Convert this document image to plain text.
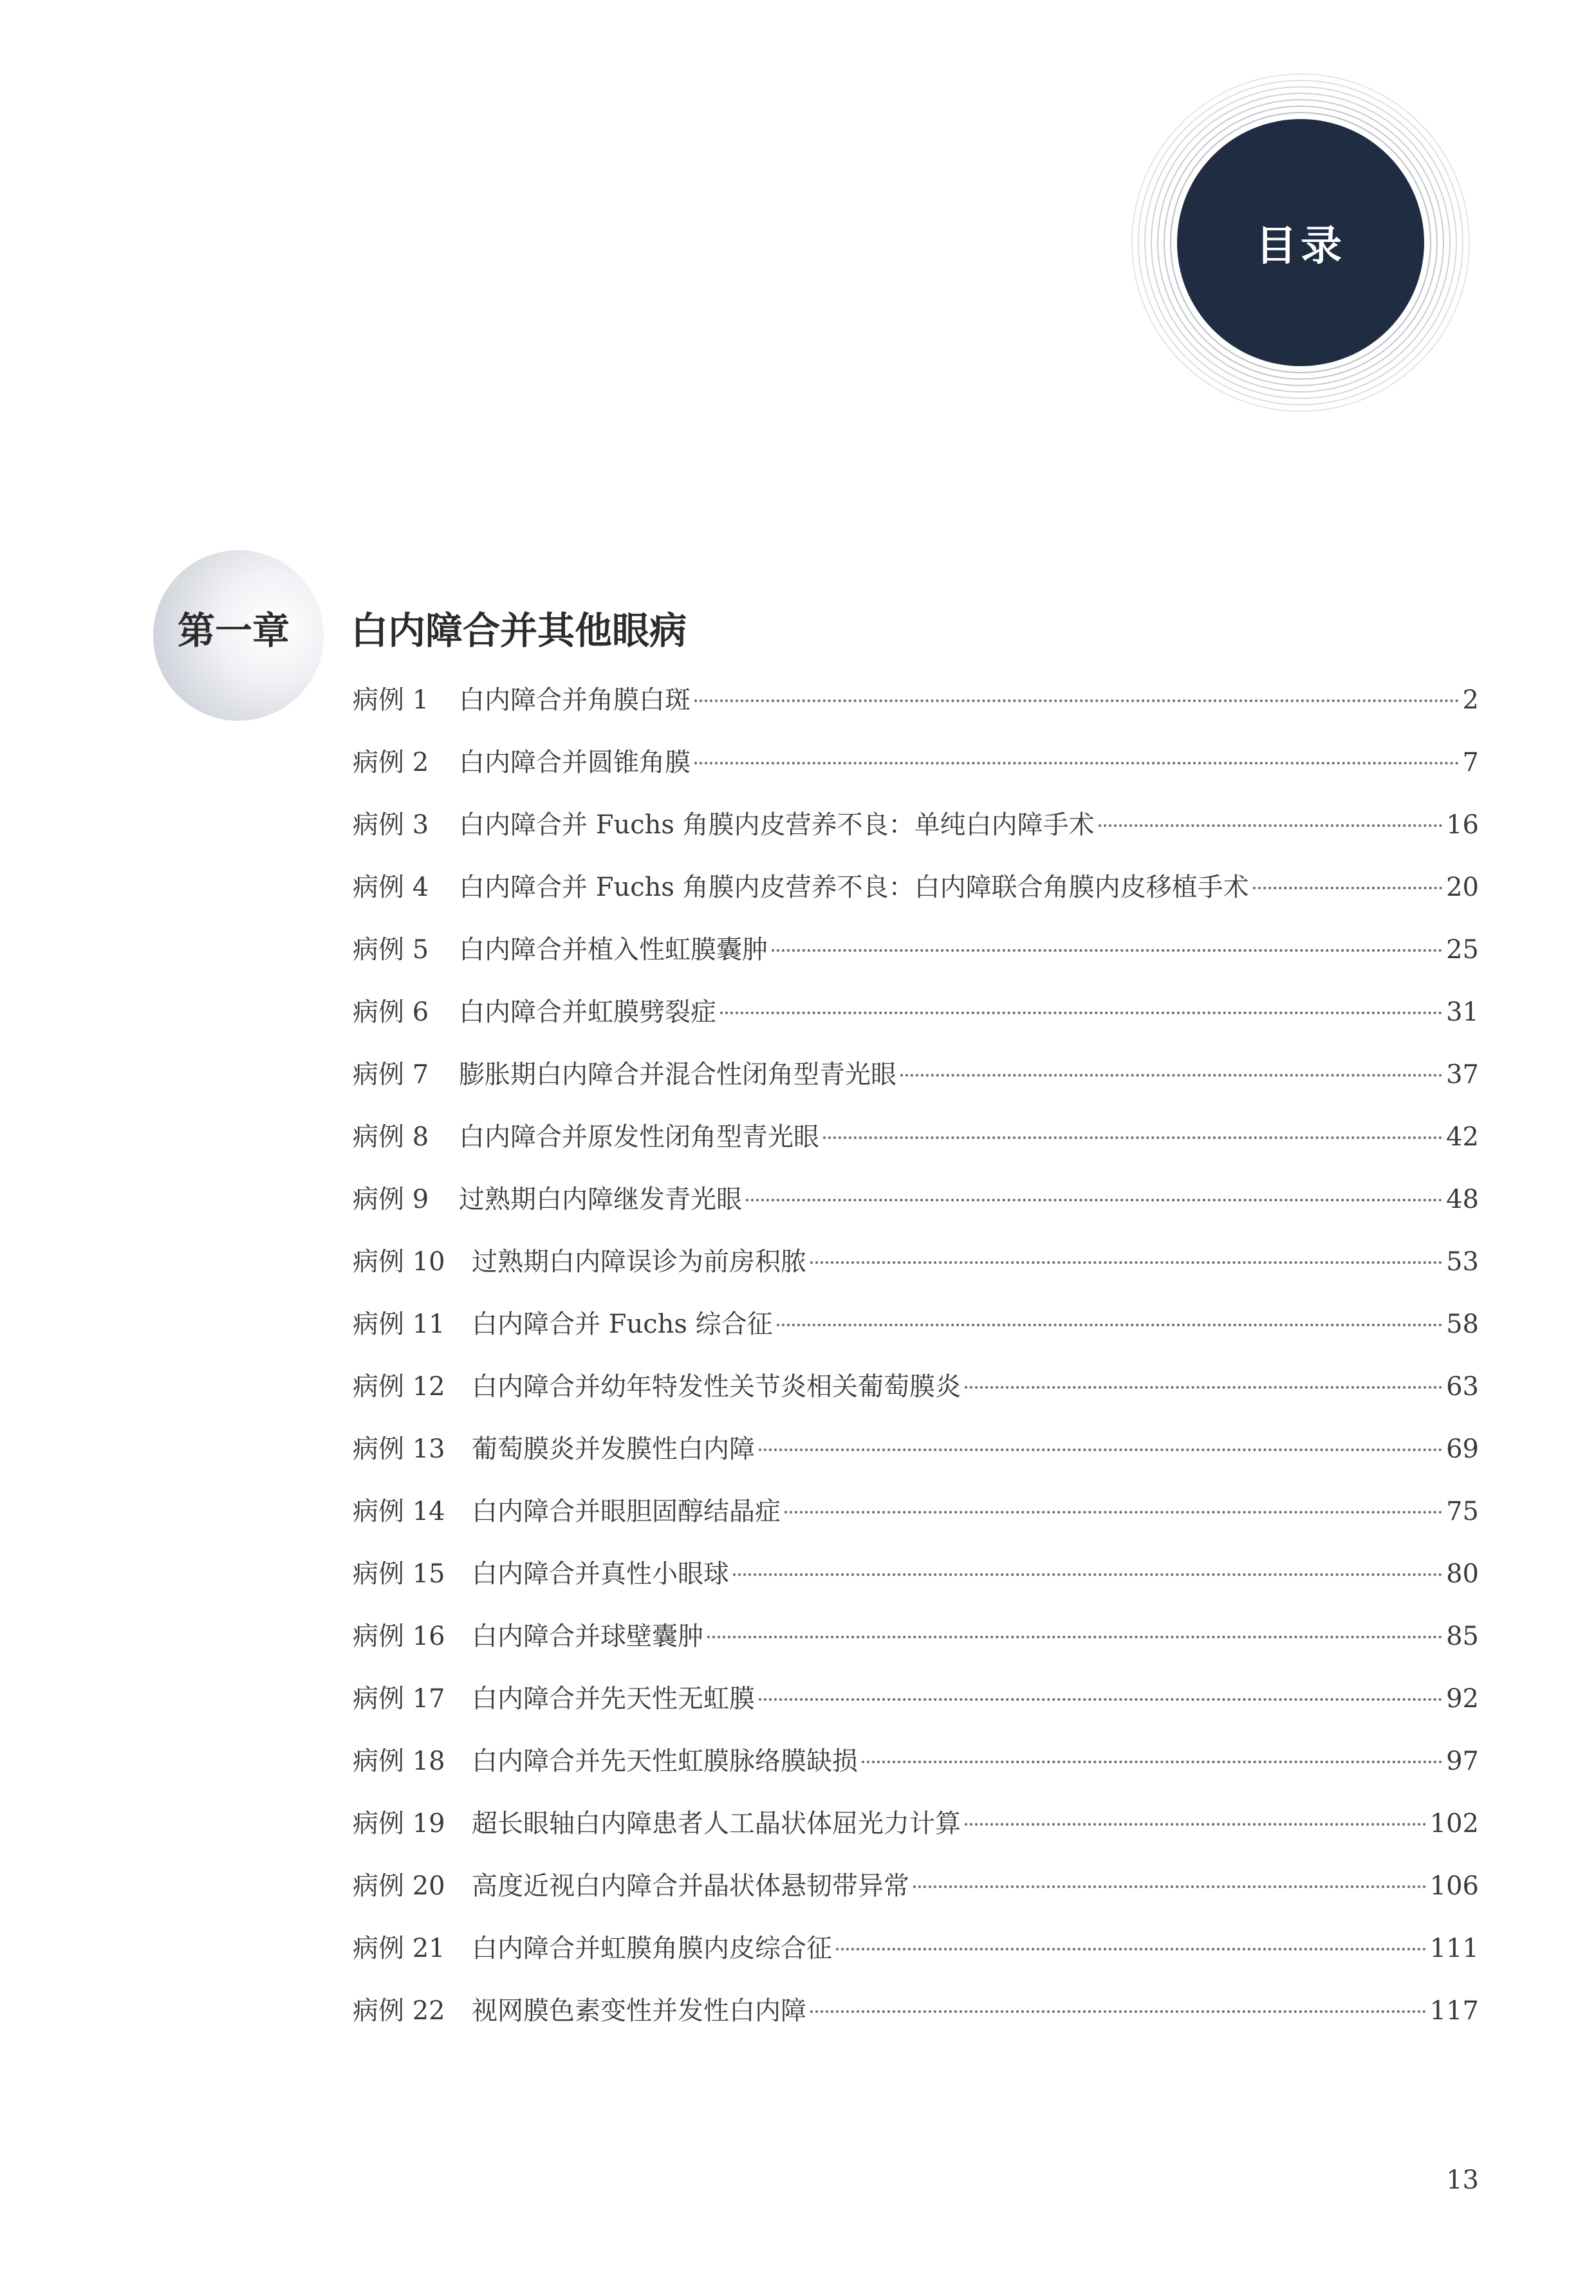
目录
第一章	白内障合并其他眼病
病例 1	白内障合并角膜白斑	2
病例 2	白内障合并圆锥角膜	7
病例 3	白内障合并 Fuchs 角膜内皮营养不良：单纯白内障手术	16
病例 4	白内障合并 Fuchs 角膜内皮营养不良：白内障联合角膜内皮移植手术	20
病例 5	白内障合并植入性虹膜囊肿	25
病例 6	白内障合并虹膜劈裂症	31
病例 7	膨胀期白内障合并混合性闭角型青光眼	37
病例 8	白内障合并原发性闭角型青光眼	42
病例 9	过熟期白内障继发青光眼	48
病例 10	过熟期白内障误诊为前房积脓	53
病例 11	白内障合并 Fuchs 综合征	58
病例 12	白内障合并幼年特发性关节炎相关葡萄膜炎	63
病例 13	葡萄膜炎并发膜性白内障	69
病例 14	白内障合并眼胆固醇结晶症	75
病例 15	白内障合并真性小眼球	80
病例 16	白内障合并球壁囊肿	85
病例 17	白内障合并先天性无虹膜	92
病例 18	白内障合并先天性虹膜脉络膜缺损	97
病例 19	超长眼轴白内障患者人工晶状体屈光力计算	102
病例 20	高度近视白内障合并晶状体悬韧带异常	106
病例 21	白内障合并虹膜角膜内皮综合征	111
病例 22	视网膜色素变性并发性白内障	117
13
